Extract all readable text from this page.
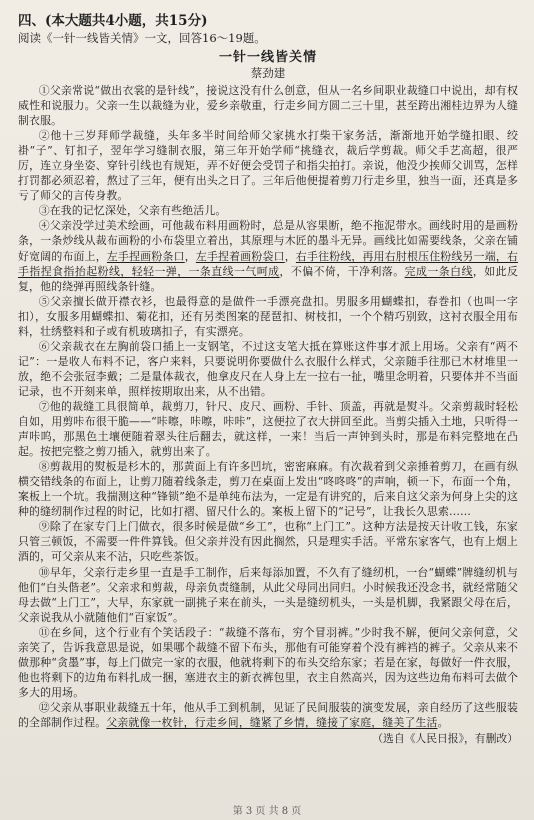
四、(本大题共4小题，共15分)
阅读《一针一线皆关情》一文，回答16～19题。
一针一线皆关情
蔡劲建

①父亲常说“做出衣裳的是针线”，接说这没有什么创意，但从一名乡间职业裁缝口中说出，却有权威性和说服力。父亲一生以裁缝为业，爱乡亲敬重，行走乡间方圆二三十里，甚至跨出湘桂边界为人缝制衣服。

②他十三岁拜师学裁缝，头年多半时间给师父家挑水打柴干家务活，渐渐地开始学缝扣眼、绞褂“子”、钉扣子，翌年学习缝制衣服，第三年开始学师“挑缝衣，裁后学剪裁。师父手艺高超，很严厉，连立身坐姿、穿针引线也有规矩，弄不好便会受罚子和指尖拍打。亲说，他没少挨师父训骂，怎样打罚都必须忍着，熬过了三年，便有出头之日了。三年后他便提着剪刀行走乡里，独当一面，还真是多亏了师父的言传身教。

③在我的记忆深处，父亲有些绝活儿。

④父亲没学过美术绘画，可他裁布料用画粉时，总是从容果断，绝不拖泥带水。画线时用的是画粉条，一条炒线从裁布画粉的小布袋里立着出，其原理与木匠的墨斗无异。画线比如需要线条，父亲在铺好宽阔的布面上，左手捏画粉条口，左手捏着画粉袋口，右手往粉线，再用右肘根压住粉线另一端，右手指捏食指抬起粉线，轻轻一弹，一条直线一气呵成，不偏不倚，干净利落。完成一条白线，如此反复，他的绕弹再照线条针缝。

⑤父亲擅长做开襟衣衫，也最得意的是做件一手漂亮盘扣。男服多用蝴蝶扣，春巻扣（也叫一字扣），女服多用蝴蝶扣、菊花扣，还有另类图案的琵琶扣、树枝扣，一个个精巧别致，这衬衣服全用布料，壮绣整料和子或有机玻璃扣子，有实漂亮。

⑥父亲裁衣在左胸前袋口插上一支钢笔，不过这支笔大抵在算账这件事才派上用场。父亲有“两不记”：一是收人布料不记，客户来料，只要说明你要做什么衣服什么样式，父亲随手往那已木材堆里一放，绝不会张冠李戴；二是量体裁衣，他拿皮尺在人身上左一拉右一扯，嘴里念明着，只要体并不当面记录，也不开刻来单，照样按期取出来，从不出错。

⑦他的裁缝工具很简单，裁剪刀，针尺、皮尺、画粉、手针、顶盖，再就是熨斗。父亲剪裁时轻松自如，用剪咔布很干脆——“咔嚓，咔嚓，咔咔”，这便拉了衣大拼回至此。当剪尖插入土地，只听得一声咔呜，那黑色土壤便随着翠头往后翻去，就这样，一来！当后一声钟到头时，那是布料完整地在凸起。按把完整之剪刀插入，就剪出来了。

⑧剪裁用的熨板是杉木的，那黄面上有许多凹坑，密密麻麻。有次裁着到父亲捶着剪刀，在画有纵横交错线条的布面上，让剪刀随着线条走，剪刀在桌面上发出“咚咚咚”的声响，顿一下，布面一个角，案板上一个坑。我揣测这种“锋锁”绝不是单纯布法为，一定是有讲究的，后来自这父亲为何身上尖的这种的缝纫制作过程的时记，比如打褶、留尺什么的。案板上留下的“记号”，让我长久思索……

⑨除了在家专门上门做衣，很多时候是做“乡工”，也称“上门工”。这种方法是按天计收工钱，东家只管三顿饭，不需要一件件算钱。但父亲并没有因此搁然，只是理实手活。平常东家客气，也有上烟上酒的，可父亲从来不沾，只吃些茶饭。

⑩早年，父亲行走乡里一直是手工制作，后来每添加置，不久有了缝纫机，一台“蝴蝶”牌缝纫机与他们“白头偕老”。父亲求和剪裁，母亲负责缝制，从此父母同出同归。小时候我还没念书，就经常随父母去做“上门工”，大早，东家就一副挑子来在前头，一头是缝纫机头，一头是机脚，我紧跟父母在后，父亲说我从小就随他们“百家饭”。

⑪在乡间，这个行业有个笑话段子：“裁缝不落布，穷个冒羽裤。”少时我不解，便问父亲何意，父亲笑了，告诉我意思是说，如果哪个裁缝不留下布头，那他有可能穿着个没有裤裆的裤子。父亲从来不做那种“贪墨”事，每上门做完一家的衣服，他就将剩下的布头交给东家；若是在家，每做好一件衣服，他也将剩下的边角布料扎成一捆，塞进衣主的新衣裤包里，衣主自然高兴，因为这些边角布料可去做个多大的用场。

⑫父亲从事职业裁缝五十年，他从手工到机制，见证了民间服装的演变发展，亲自经历了这些服装的全部制作过程。父亲就像一枚针，行走乡间，缝紧了乡情，缝接了家庭，缝美了生活。

（选自《人民日报》，有删改）
第 3 页 共 8 页
